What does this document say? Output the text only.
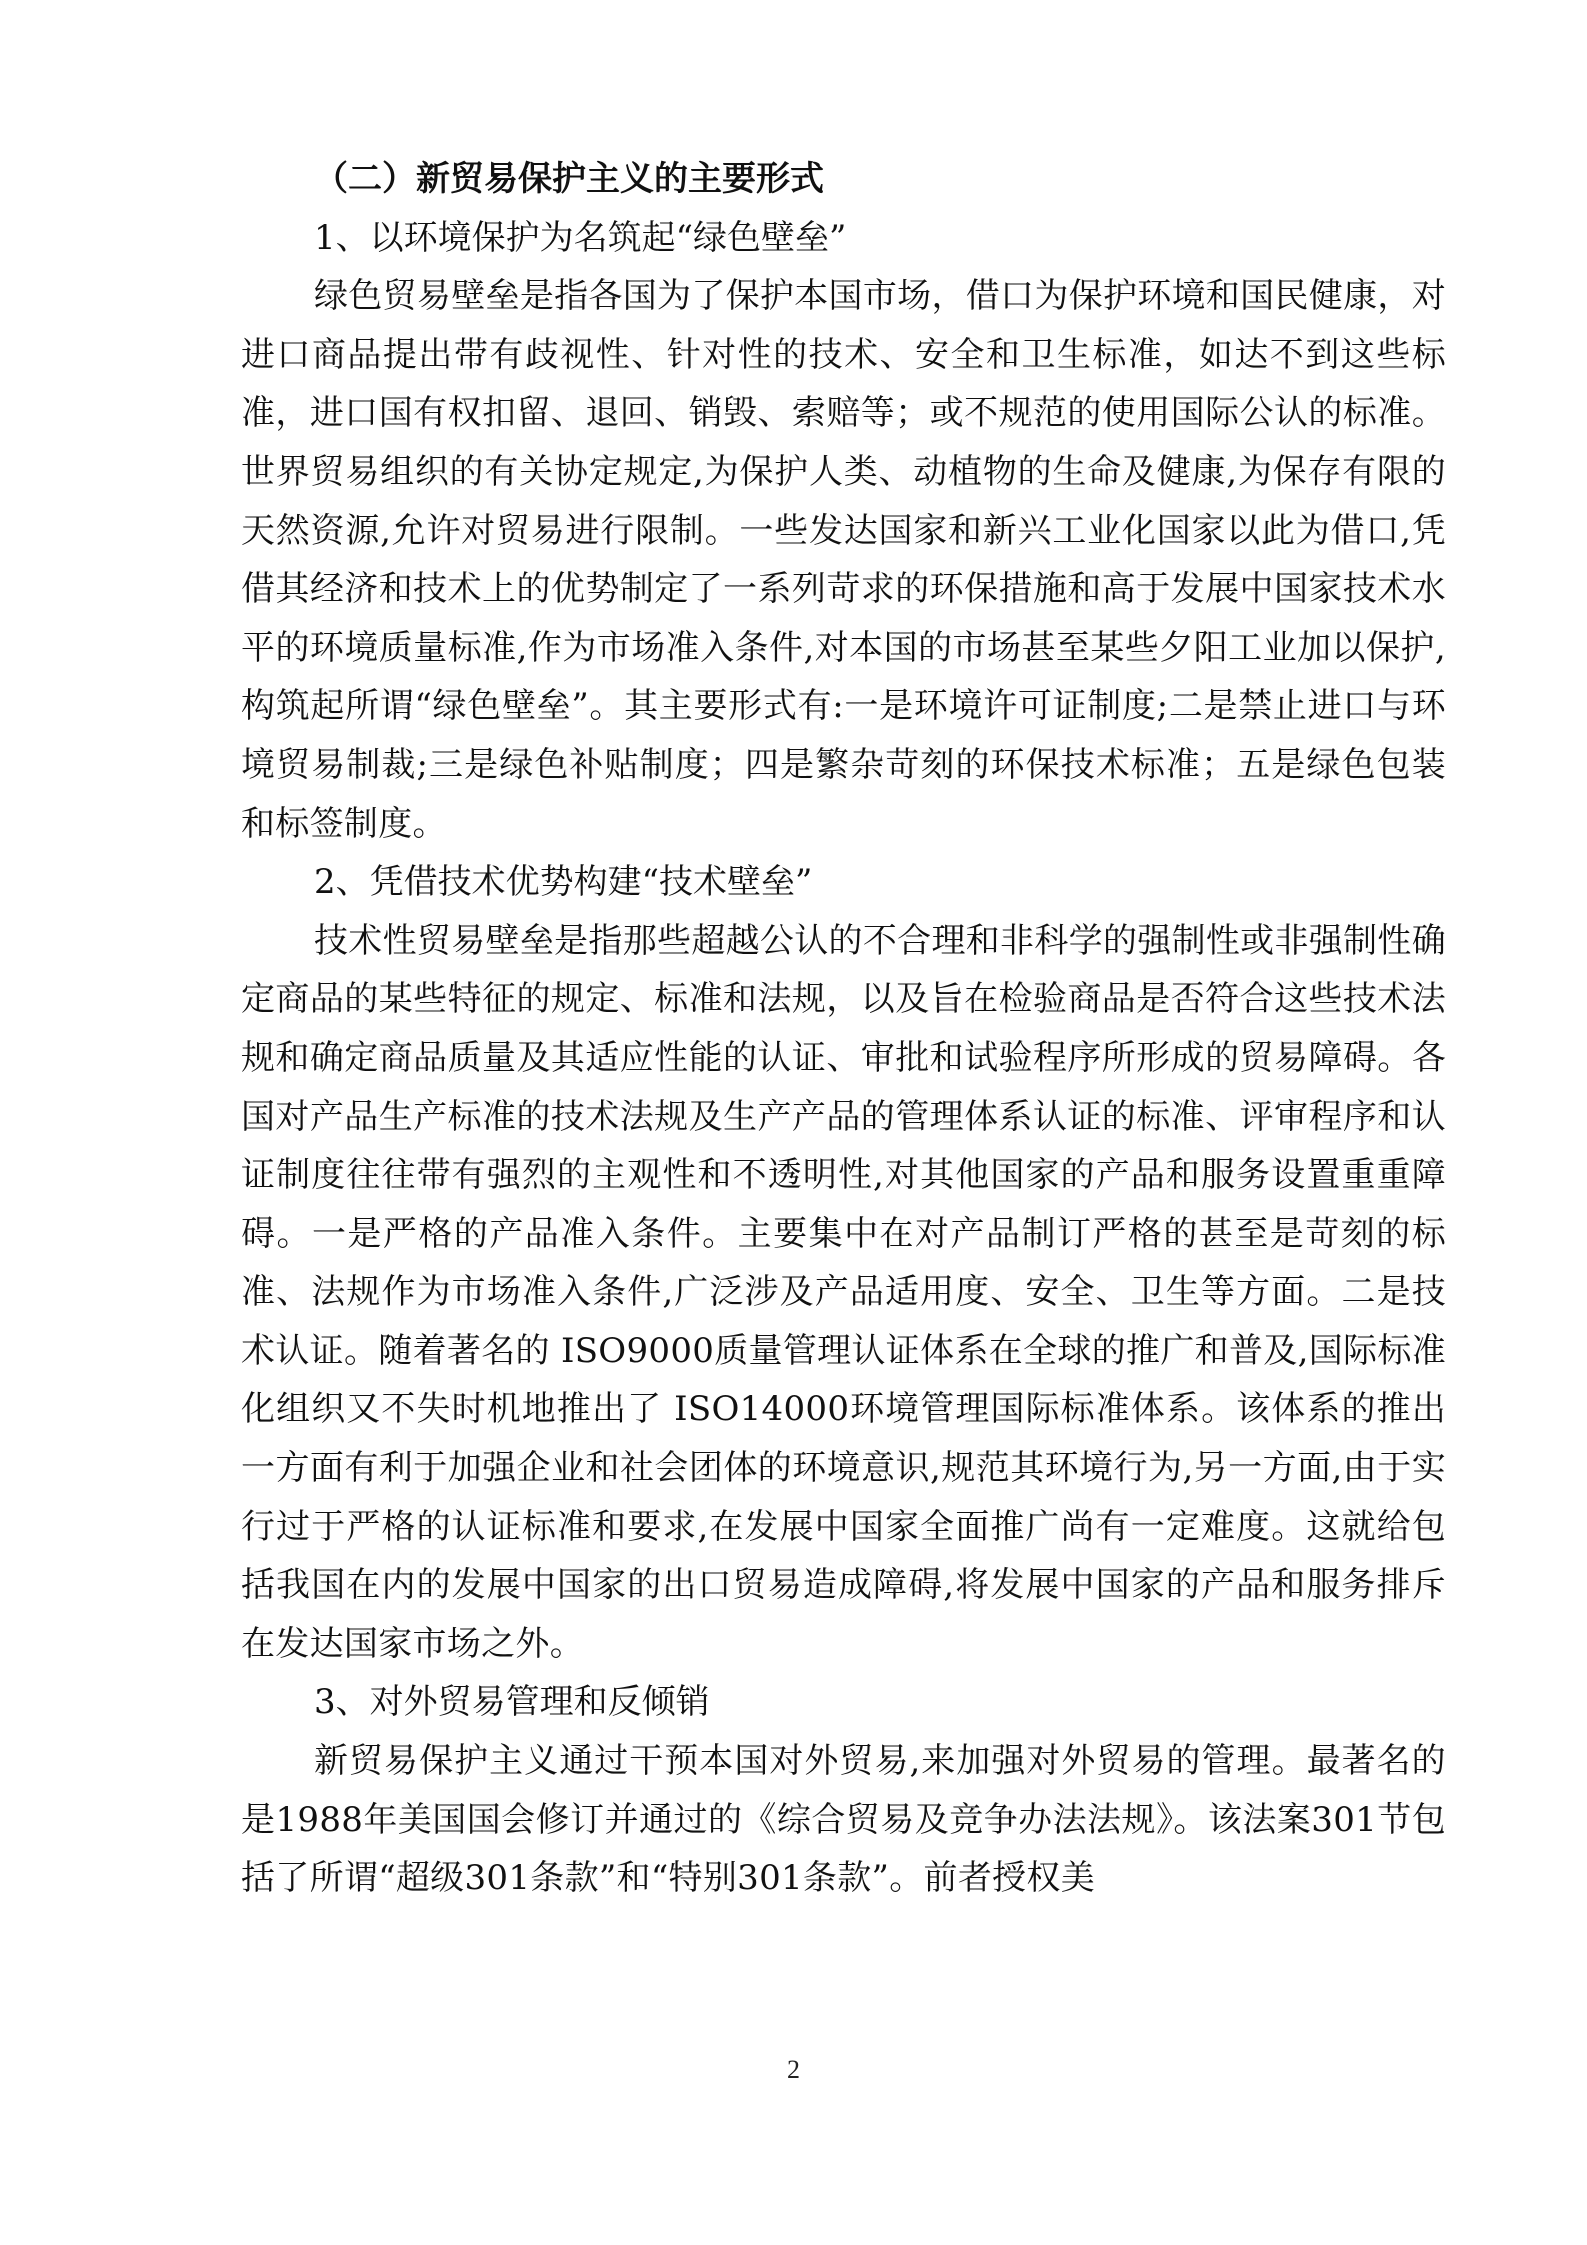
（二）新贸易保护主义的主要形式

1、以环境保护为名筑起“绿色壁垒”

绿色贸易壁垒是指各国为了保护本国市场，借口为保护环境和国民健康，对进口商品提出带有歧视性、针对性的技术、安全和卫生标准，如达不到这些标准，进口国有权扣留、退回、销毁、索赔等；或不规范的使用国际公认的标准。世界贸易组织的有关协定规定,为保护人类、动植物的生命及健康,为保存有限的天然资源,允许对贸易进行限制。一些发达国家和新兴工业化国家以此为借口,凭借其经济和技术上的优势制定了一系列苛求的环保措施和高于发展中国家技术水平的环境质量标准,作为市场准入条件,对本国的市场甚至某些夕阳工业加以保护,构筑起所谓“绿色壁垒”。其主要形式有:一是环境许可证制度;二是禁止进口与环境贸易制裁;三是绿色补贴制度；四是繁杂苛刻的环保技术标准；五是绿色包装和标签制度。

2、凭借技术优势构建“技术壁垒”

技术性贸易壁垒是指那些超越公认的不合理和非科学的强制性或非强制性确定商品的某些特征的规定、标准和法规，以及旨在检验商品是否符合这些技术法规和确定商品质量及其适应性能的认证、审批和试验程序所形成的贸易障碍。各国对产品生产标准的技术法规及生产产品的管理体系认证的标准、评审程序和认证制度往往带有强烈的主观性和不透明性,对其他国家的产品和服务设置重重障碍。一是严格的产品准入条件。主要集中在对产品制订严格的甚至是苛刻的标准、法规作为市场准入条件,广泛涉及产品适用度、安全、卫生等方面。二是技术认证。随着著名的 ISO9000质量管理认证体系在全球的推广和普及,国际标准化组织又不失时机地推出了 ISO14000环境管理国际标准体系。该体系的推出一方面有利于加强企业和社会团体的环境意识,规范其环境行为,另一方面,由于实行过于严格的认证标准和要求,在发展中国家全面推广尚有一定难度。这就给包括我国在内的发展中国家的出口贸易造成障碍,将发展中国家的产品和服务排斥在发达国家市场之外。

3、对外贸易管理和反倾销

新贸易保护主义通过干预本国对外贸易,来加强对外贸易的管理。最著名的是1988年美国国会修订并通过的《综合贸易及竞争办法法规》。该法案301节包括了所谓“超级301条款”和“特别301条款”。前者授权美

2
